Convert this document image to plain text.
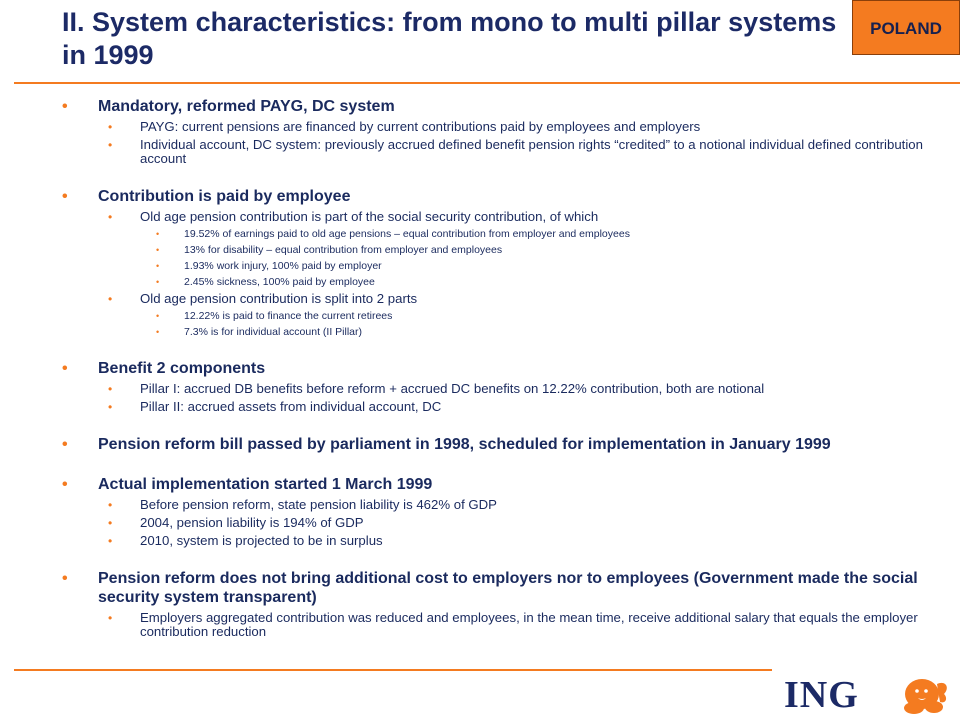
II. System characteristics: from mono to multi pillar systems in 1999
POLAND
• Mandatory, reformed PAYG, DC system
• PAYG: current pensions are financed by current contributions paid by employees and employers
• Individual account, DC system: previously accrued defined benefit pension rights “credited” to a notional individual defined contribution account
• Contribution is paid by employee
• Old age pension contribution is part of the social security contribution, of which
• 19.52% of earnings paid to old age pensions – equal contribution from employer and employees
• 13% for disability – equal contribution from employer and employees
• 1.93% work injury, 100% paid by employer
• 2.45% sickness, 100% paid by employee
• Old age pension contribution is split into 2 parts
• 12.22% is paid to finance the current retirees
• 7.3% is for individual account (II Pillar)
• Benefit 2 components
• Pillar I: accrued DB benefits before reform + accrued DC benefits on 12.22% contribution, both are notional
• Pillar II: accrued assets from individual account, DC
• Pension reform bill passed by parliament in 1998, scheduled for implementation in January 1999
• Actual implementation started 1 March 1999
• Before pension reform, state pension liability is 462% of GDP
• 2004, pension liability is 194% of GDP
• 2010, system is projected to be in surplus
• Pension reform does not bring additional cost to employers nor to employees (Government made the social security system transparent)
• Employers aggregated contribution was reduced and employees, in the mean time, receive additional salary that equals the employer contribution reduction
ING
